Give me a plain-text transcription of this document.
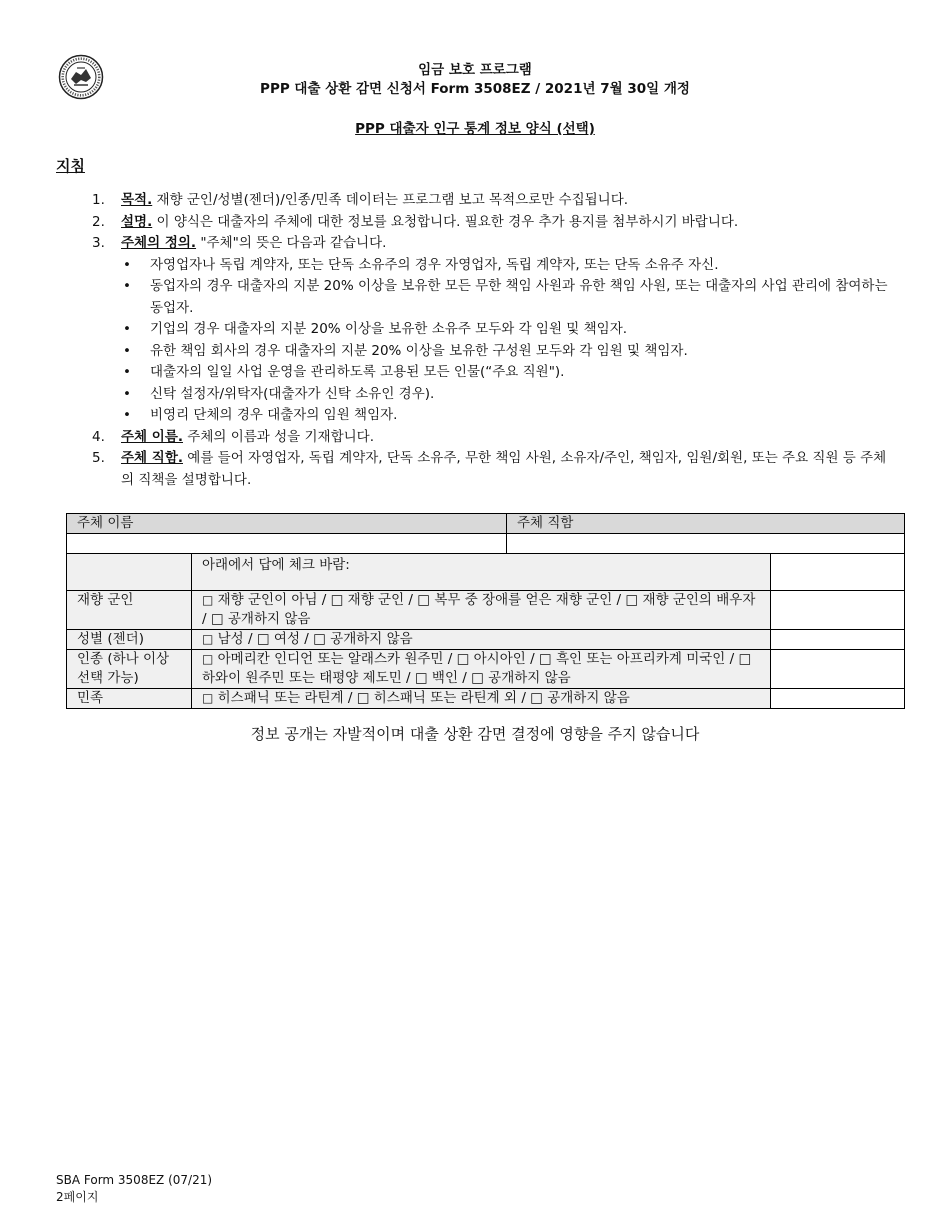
임금 보호 프로그램
PPP 대출 상환 감면 신청서 Form 3508EZ / 2021년 7월 30일 개정
PPP 대출자 인구 통계 정보 양식 (선택)
지침
1. 목적. 재향 군인/성별(젠더)/인종/민족 데이터는 프로그램 보고 목적으로만 수집됩니다.
2. 설명. 이 양식은 대출자의 주체에 대한 정보를 요청합니다. 필요한 경우 추가 용지를 첨부하시기 바랍니다.
3. 주체의 정의. "주체"의 뜻은 다음과 같습니다.
• 자영업자나 독립 계약자, 또는 단독 소유주의 경우 자영업자, 독립 계약자, 또는 단독 소유주 자신.
• 동업자의 경우 대출자의 지분 20% 이상을 보유한 모든 무한 책임 사원과 유한 책임 사원, 또는 대출자의 사업 관리에 참여하는 동업자.
• 기업의 경우 대출자의 지분 20% 이상을 보유한 소유주 모두와 각 임원 및 책임자.
• 유한 책임 회사의 경우 대출자의 지분 20% 이상을 보유한 구성원 모두와 각 임원 및 책임자.
• 대출자의 일일 사업 운영을 관리하도록 고용된 모든 인물(“주요 직원").
• 신탁 설정자/위탁자(대출자가 신탁 소유인 경우).
• 비영리 단체의 경우 대출자의 임원 책임자.
4. 주체 이름. 주체의 이름과 성을 기재합니다.
5. 주체 직함. 예를 들어 자영업자, 독립 계약자, 단독 소유주, 무한 책임 사원, 소유자/주인, 책임자, 임원/회원, 또는 주요 직원 등 주체의 직책을 설명합니다.
주체 이름		주체 직함	

	아래에서 답에 체크 바람:		
재향 군인	□ 재향 군인이 아님 / □ 재향 군인 / □ 복무 중 장애를 얻은 재향 군인 / □ 재향 군인의 배우자 / □ 공개하지 않음		
성별 (젠더)	□ 남성 / □ 여성 / □ 공개하지 않음		
인종 (하나 이상 선택 가능)	□ 아메리칸 인디언 또는 알래스카 원주민 / □ 아시아인 / □ 흑인 또는 아프리카계 미국인 / □ 하와이 원주민 또는 태평양 제도민 / □ 백인 / □ 공개하지 않음		
민족	□ 히스패닉 또는 라틴계 / □ 히스패닉 또는 라틴계 외 / □ 공개하지 않음		
정보 공개는 자발적이며 대출 상환 감면 결정에 영향을 주지 않습니다
SBA Form 3508EZ (07/21)
2페이지
